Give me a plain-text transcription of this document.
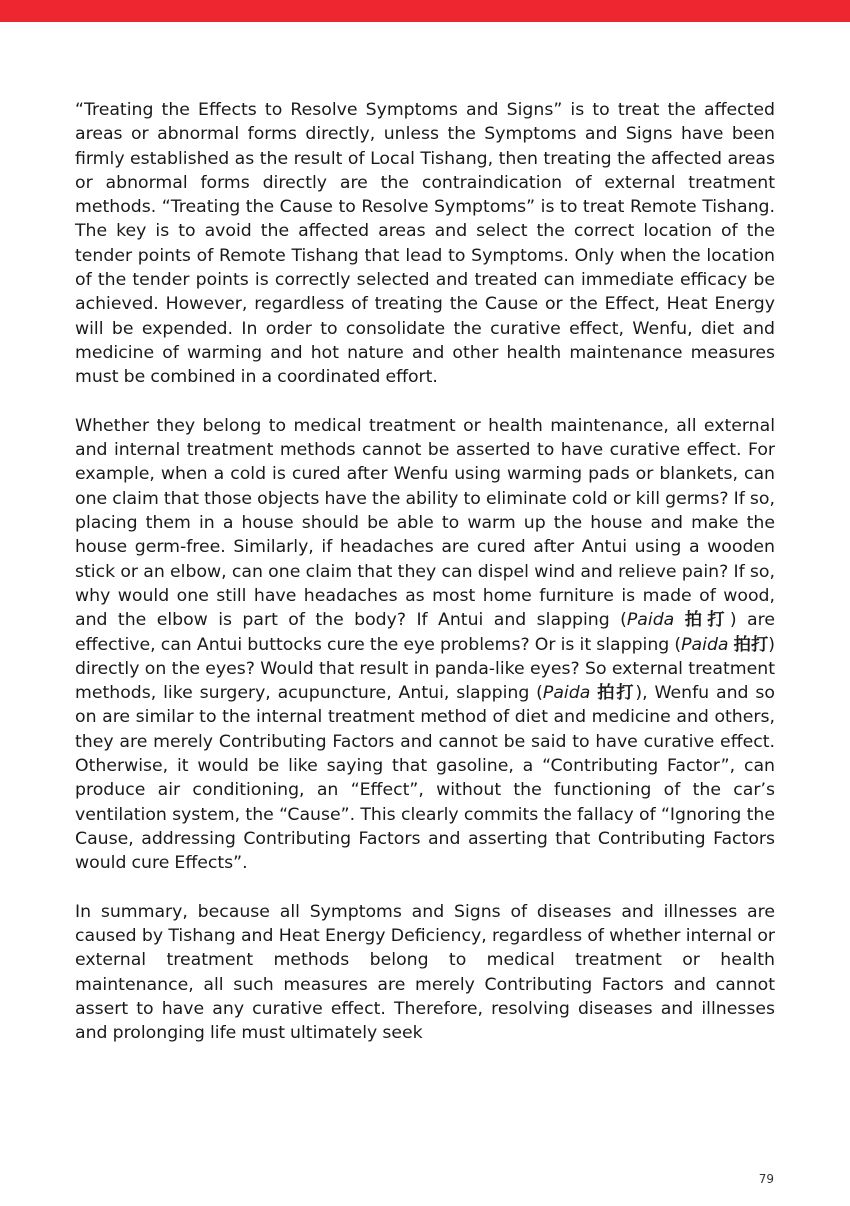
“Treating the Effects to Resolve Symptoms and Signs” is to treat the affected areas or abnormal forms directly, unless the Symptoms and Signs have been firmly established as the result of Local Tishang, then treating the affected areas or abnormal forms directly are the contraindication of external treatment methods. “Treating the Cause to Resolve Symptoms” is to treat Remote Tishang. The key is to avoid the affected areas and select the correct location of the tender points of Remote Tishang that lead to Symptoms. Only when the location of the tender points is correctly selected and treated can immediate efficacy be achieved. However, regardless of treating the Cause or the Effect, Heat Energy will be expended. In order to consolidate the curative effect, Wenfu, diet and medicine of warming and hot nature and other health maintenance measures must be combined in a coordinated effort.

Whether they belong to medical treatment or health maintenance, all external and internal treatment methods cannot be asserted to have curative effect. For example, when a cold is cured after Wenfu using warming pads or blankets, can one claim that those objects have the ability to eliminate cold or kill germs? If so, placing them in a house should be able to warm up the house and make the house germ-free. Similarly, if headaches are cured after Antui using a wooden stick or an elbow, can one claim that they can dispel wind and relieve pain? If so, why would one still have headaches as most home furniture is made of wood, and the elbow is part of the body? If Antui and slapping (Paida 拍打) are effective, can Antui buttocks cure the eye problems? Or is it slapping (Paida 拍打) directly on the eyes? Would that result in panda-like eyes? So external treatment methods, like surgery, acupuncture, Antui, slapping (Paida 拍打), Wenfu and so on are similar to the internal treatment method of diet and medicine and others, they are merely Contributing Factors and cannot be said to have curative effect. Otherwise, it would be like saying that gasoline, a “Contributing Factor”, can produce air conditioning, an “Effect”, without the functioning of the car’s ventilation system, the “Cause”. This clearly commits the fallacy of “Ignoring the Cause, addressing Contributing Factors and asserting that Contributing Factors would cure Effects”.

In summary, because all Symptoms and Signs of diseases and illnesses are caused by Tishang and Heat Energy Deficiency, regardless of whether internal or external treatment methods belong to medical treatment or health maintenance, all such measures are merely Contributing Factors and cannot assert to have any curative effect. Therefore, resolving diseases and illnesses and prolonging life must ultimately seek

79
